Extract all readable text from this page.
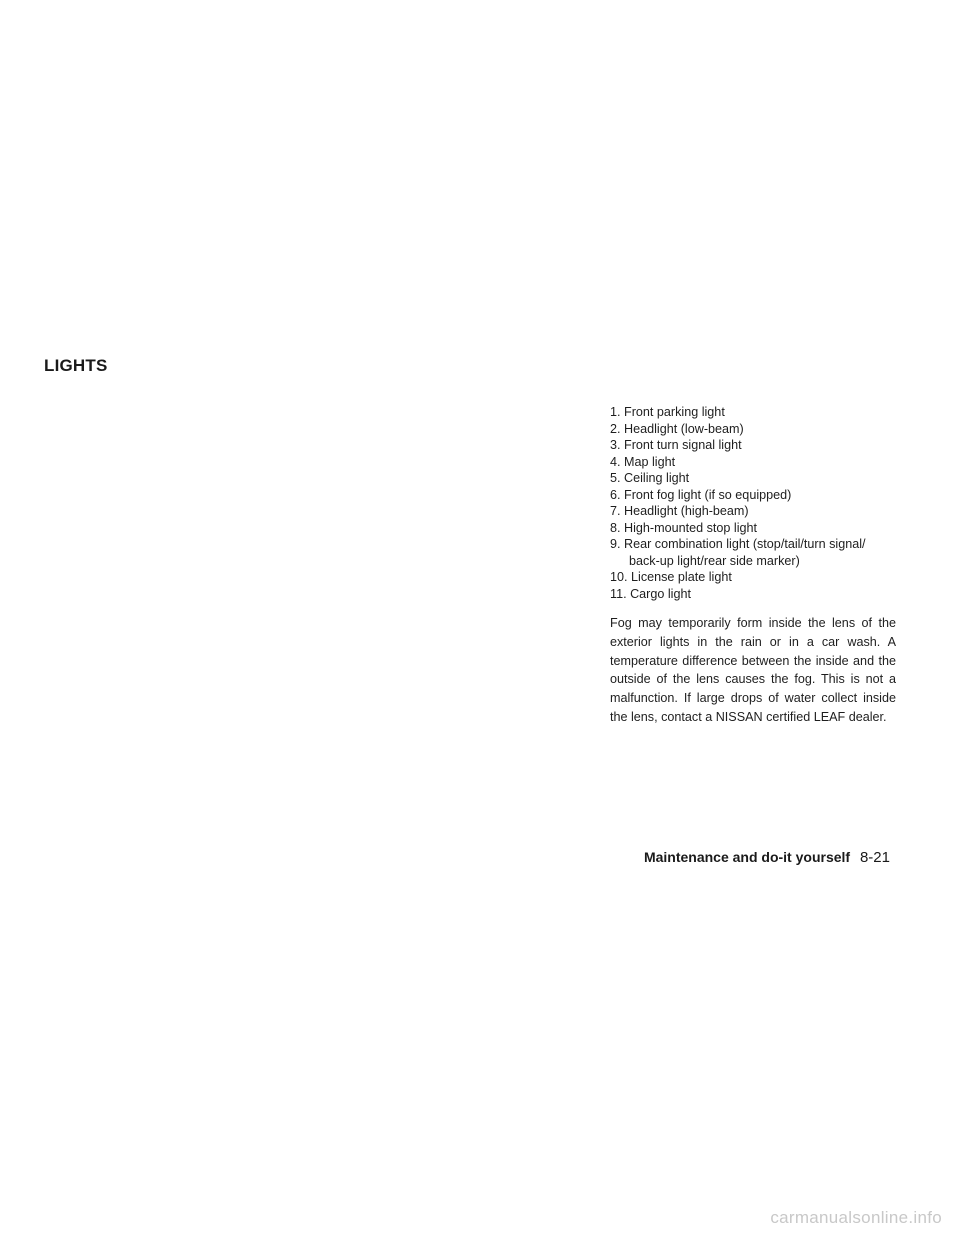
LIGHTS
1. Front parking light
2. Headlight (low-beam)
3. Front turn signal light
4. Map light
5. Ceiling light
6. Front fog light (if so equipped)
7. Headlight (high-beam)
8. High-mounted stop light
9. Rear combination light (stop/tail/turn signal/
back-up light/rear side marker)
10. License plate light
11. Cargo light

Fog may temporarily form inside the lens of the exterior lights in the rain or in a car wash. A temperature difference between the inside and the outside of the lens causes the fog. This is not a malfunction. If large drops of water collect inside the lens, contact a NISSAN certified LEAF dealer.

Maintenance and do-it yourself 8-21
carmanualsonline.info
